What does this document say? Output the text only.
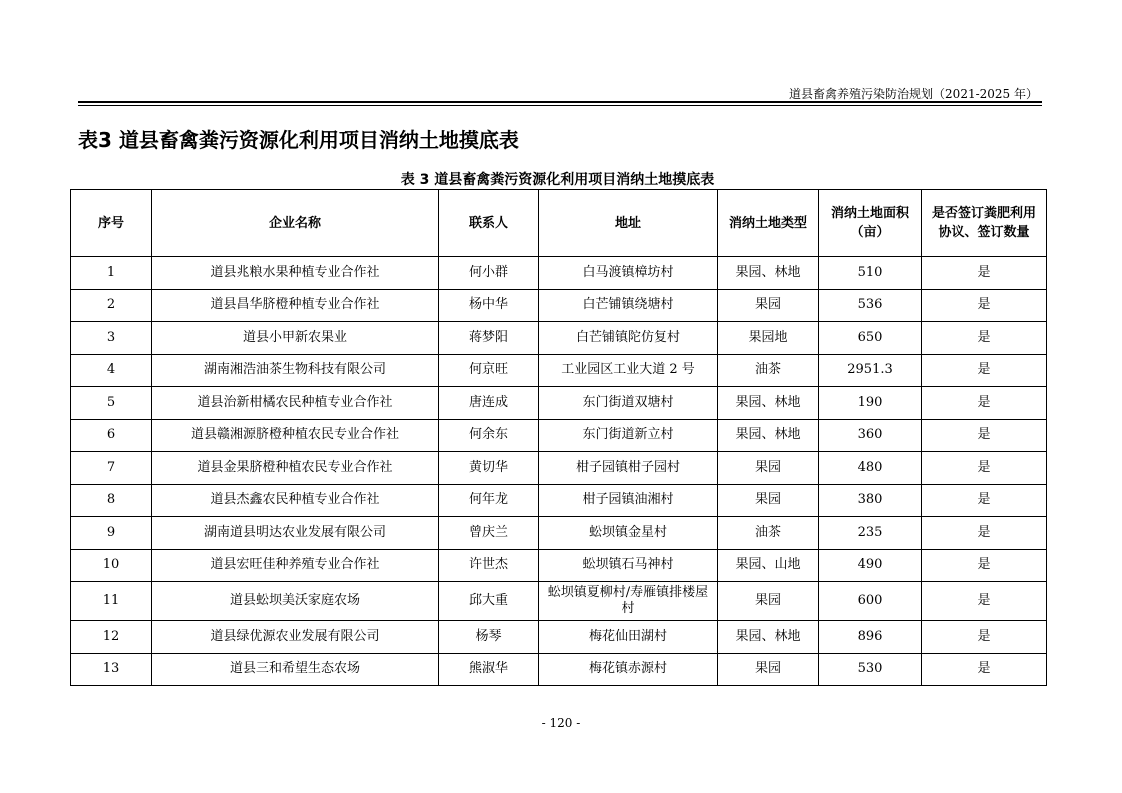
道县畜禽养殖污染防治规划（2021-2025 年）
表3 道县畜禽粪污资源化利用项目消纳土地摸底表
表 3 道县畜禽粪污资源化利用项目消纳土地摸底表
序号	企业名称	联系人	地址	消纳土地类型	消纳土地面积（亩）	是否签订粪肥利用协议、签订数量
1	道县兆粮水果种植专业合作社	何小群	白马渡镇樟坊村	果园、林地	510	是
2	道县昌华脐橙种植专业合作社	杨中华	白芒铺镇绕塘村	果园	536	是
3	道县小甲新农果业	蒋梦阳	白芒铺镇陀仿复村	果园地	650	是
4	湖南湘浩油茶生物科技有限公司	何京旺	工业园区工业大道 2 号	油茶	2951.3	是
5	道县治新柑橘农民种植专业合作社	唐连成	东门街道双塘村	果园、林地	190	是
6	道县赣湘源脐橙种植农民专业合作社	何余东	东门街道新立村	果园、林地	360	是
7	道县金果脐橙种植农民专业合作社	黄切华	柑子园镇柑子园村	果园	480	是
8	道县杰鑫农民种植专业合作社	何年龙	柑子园镇油湘村	果园	380	是
9	湖南道县明达农业发展有限公司	曾庆兰	蚣坝镇金星村	油茶	235	是
10	道县宏旺佳种养殖专业合作社	许世杰	蚣坝镇石马神村	果园、山地	490	是
11	道县蚣坝美沃家庭农场	邱大重	蚣坝镇夏柳村/寿雁镇排楼屋村	果园	600	是
12	道县绿优源农业发展有限公司	杨琴	梅花仙田湖村	果园、林地	896	是
13	道县三和希望生态农场	熊淑华	梅花镇赤源村	果园	530	是
- 120 -
